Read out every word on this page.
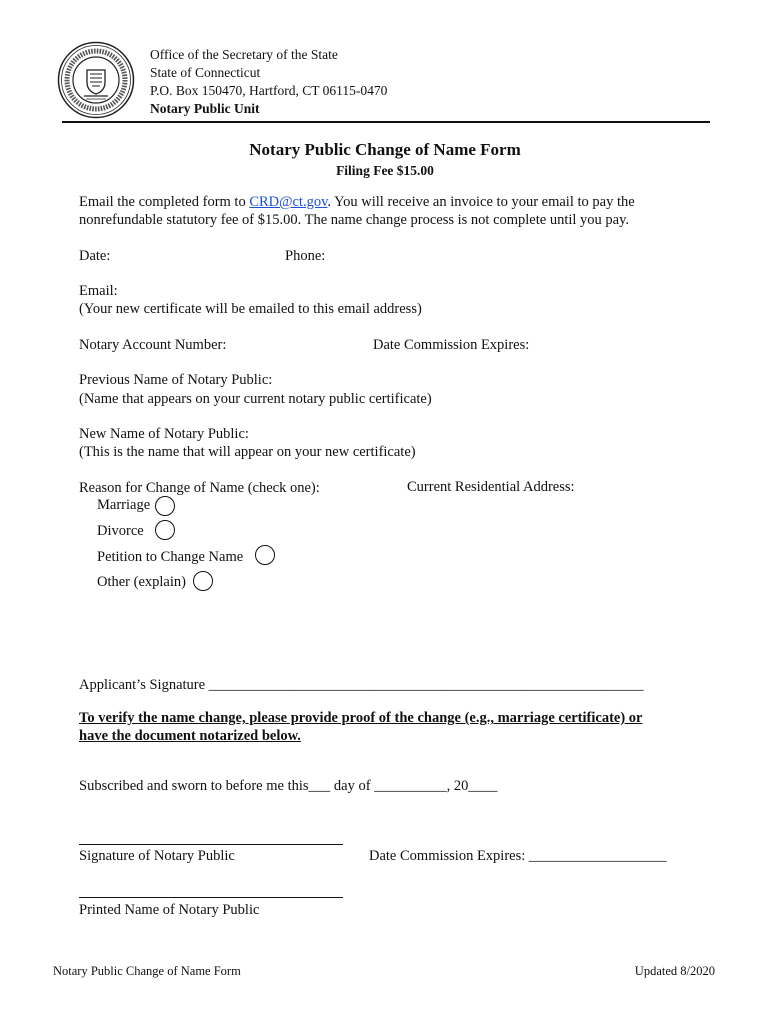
Office of the Secretary of the State
State of Connecticut
P.O. Box 150470, Hartford, CT 06115-0470
Notary Public Unit
Notary Public Change of Name Form
Filing Fee $15.00
Email the completed form to CRD@ct.gov. You will receive an invoice to your email to pay the
nonrefundable statutory fee of $15.00. The name change process is not complete until you pay.
Date:	Phone:
Email:
(Your new certificate will be emailed to this email address)
Notary Account Number:	Date Commission Expires:
Previous Name of Notary Public:
(Name that appears on your current notary public certificate)
New Name of Notary Public:
(This is the name that will appear on your new certificate)
Reason for Change of Name (check one):	Current Residential Address:
Marriage
Divorce
Petition to Change Name
Other (explain)
Applicant’s Signature ____________________________________________________________
To verify the name change, please provide proof of the change (e.g., marriage certificate) or
have the document notarized below.
Subscribed and sworn to before me this___ day of __________, 20____
Signature of Notary Public	Date Commission Expires: ___________________
Printed Name of Notary Public
Notary Public Change of Name Form	Updated 8/2020
